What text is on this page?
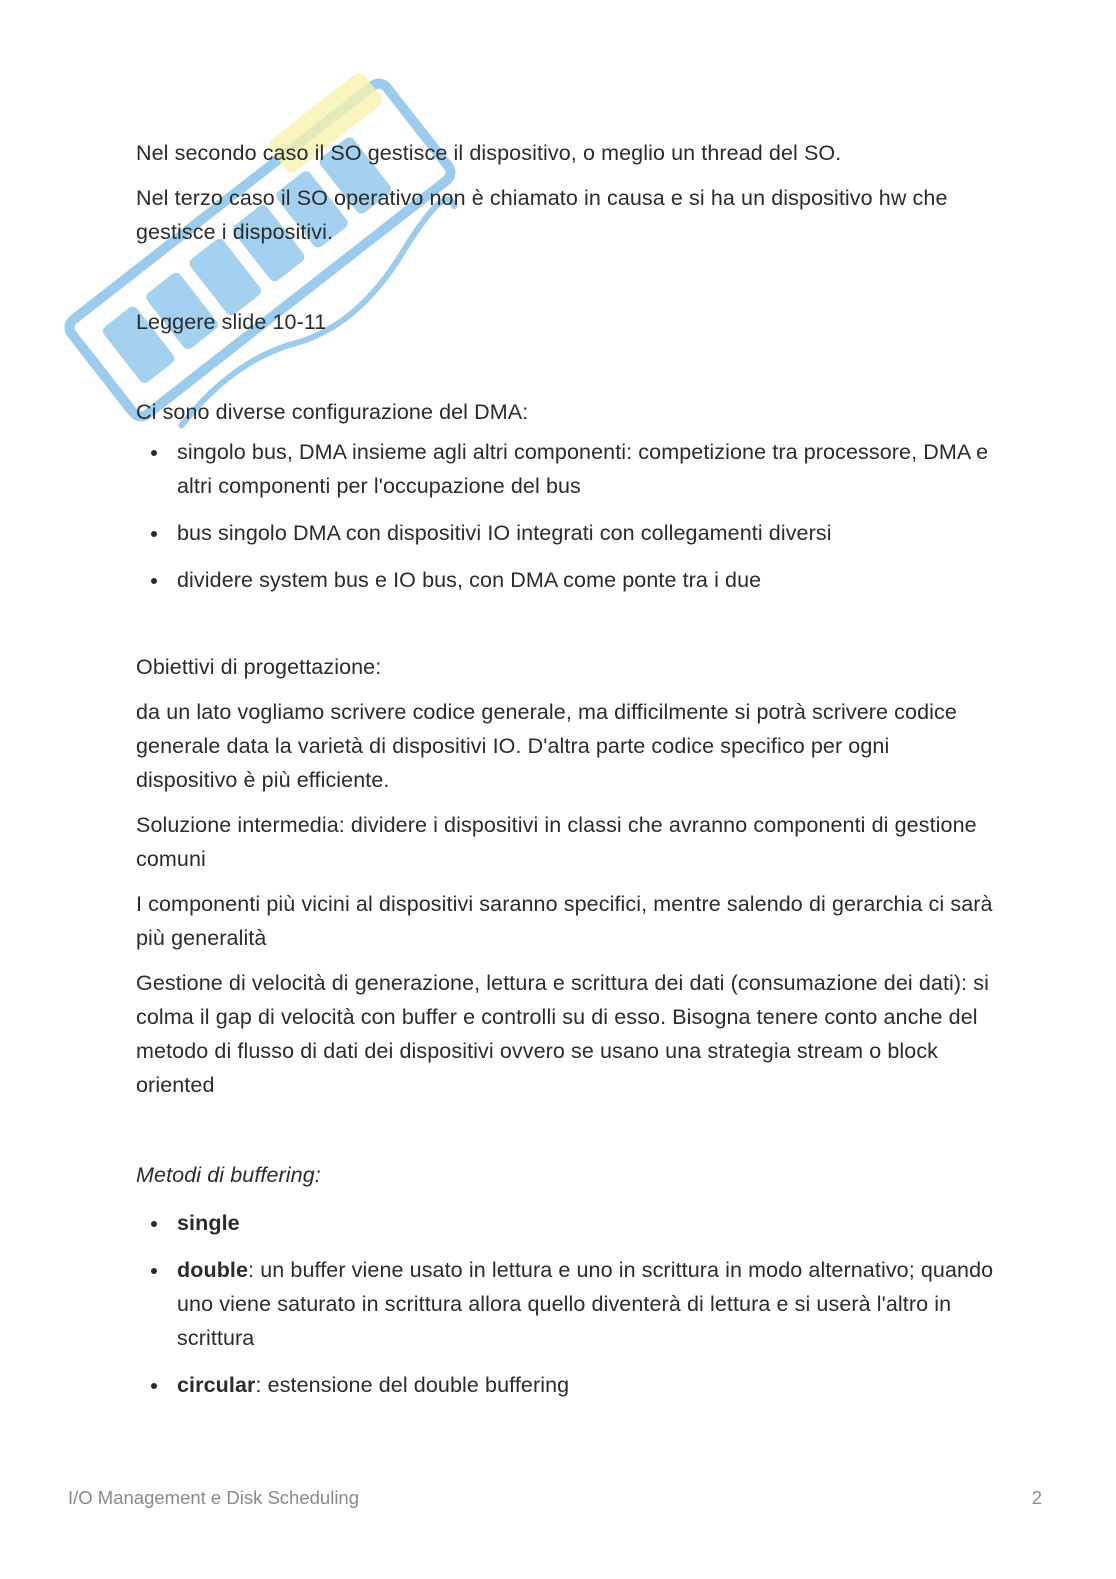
Nel secondo caso il SO gestisce il dispositivo, o meglio un thread del SO.

Nel terzo caso il SO operativo non è chiamato in causa e si ha un dispositivo hw che gestisce i dispositivi.

Leggere slide 10-11

Ci sono diverse configurazione del DMA:

singolo bus, DMA insieme agli altri componenti: competizione tra processore, DMA e altri componenti per l'occupazione del bus
bus singolo DMA con dispositivi IO integrati con collegamenti diversi
dividere system bus e IO bus, con DMA come ponte tra i due

Obiettivi di progettazione:

da un lato vogliamo scrivere codice generale, ma difficilmente si potrà scrivere codice generale data la varietà di dispositivi IO. D'altra parte codice specifico per ogni dispositivo è più efficiente.

Soluzione intermedia: dividere i dispositivi in classi che avranno componenti di gestione comuni

I componenti più vicini al dispositivi saranno specifici, mentre salendo di gerarchia ci sarà più generalità

Gestione di velocità di generazione, lettura e scrittura dei dati (consumazione dei dati): si colma il gap di velocità con buffer e controlli su di esso. Bisogna tenere conto anche del metodo di flusso di dati dei dispositivi ovvero se usano una strategia stream o block oriented

Metodi di buffering:

single
double: un buffer viene usato in lettura e uno in scrittura in modo alternativo; quando uno viene saturato in scrittura allora quello diventerà di lettura e si userà l'altro in scrittura
circular: estensione del double buffering
I/O Management e Disk Scheduling	2
